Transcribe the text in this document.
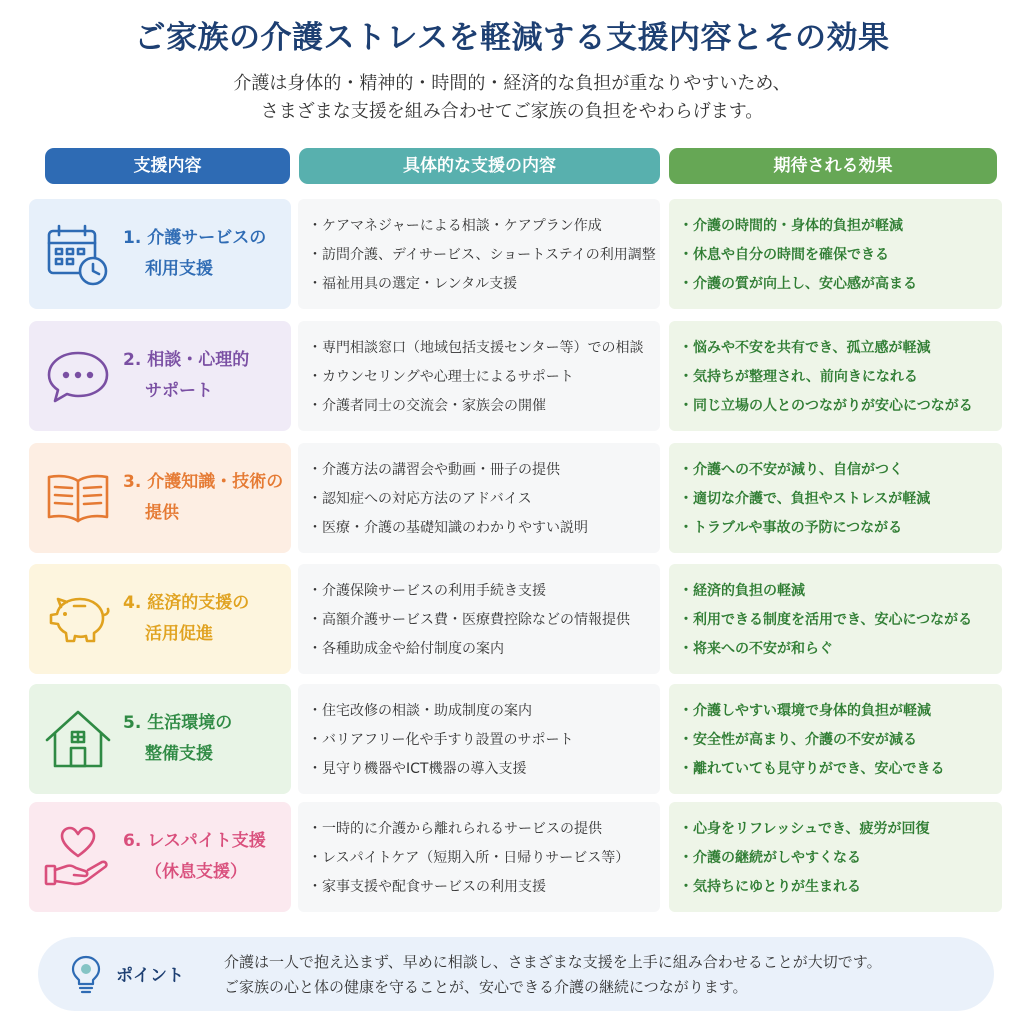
ご家族の介護ストレスを軽減する支援内容とその効果
介護は身体的・精神的・時間的・経済的な負担が重なりやすいため、
さまざまな支援を組み合わせてご家族の負担をやわらげます。
支援内容	具体的な支援の内容	期待される効果
1. 介護サービスの
利用支援
・ ケアマネジャーによる相談・ケアプラン作成
・ 訪問介護、デイサービス、ショートステイの利用調整
・ 福祉用具の選定・レンタル支援
・ 介護の時間的・身体的負担が軽減
・ 休息や自分の時間を確保できる
・ 介護の質が向上し、安心感が高まる
2. 相談・心理的
サポート
・ 専門相談窓口（地域包括支援センター等）での相談
・ カウンセリングや心理士によるサポート
・ 介護者同士の交流会・家族会の開催
・ 悩みや不安を共有でき、孤立感が軽減
・ 気持ちが整理され、前向きになれる
・ 同じ立場の人とのつながりが安心につながる
3. 介護知識・技術の
提供
・ 介護方法の講習会や動画・冊子の提供
・ 認知症への対応方法のアドバイス
・ 医療・介護の基礎知識のわかりやすい説明
・ 介護への不安が減り、自信がつく
・ 適切な介護で、負担やストレスが軽減
・ トラブルや事故の予防につながる
4. 経済的支援の
活用促進
・ 介護保険サービスの利用手続き支援
・ 高額介護サービス費・医療費控除などの情報提供
・ 各種助成金や給付制度の案内
・ 経済的負担の軽減
・ 利用できる制度を活用でき、安心につながる
・ 将来への不安が和らぐ
5. 生活環境の
整備支援
・ 住宅改修の相談・助成制度の案内
・ バリアフリー化や手すり設置のサポート
・ 見守り機器やICT機器の導入支援
・ 介護しやすい環境で身体的負担が軽減
・ 安全性が高まり、介護の不安が減る
・ 離れていても見守りができ、安心できる
6. レスパイト支援
（休息支援）
・ 一時的に介護から離れられるサービスの提供
・ レスパイトケア（短期入所・日帰りサービス等）
・ 家事支援や配食サービスの利用支援
・ 心身をリフレッシュでき、疲労が回復
・ 介護の継続がしやすくなる
・ 気持ちにゆとりが生まれる
ポイント
介護は一人で抱え込まず、早めに相談し、さまざまな支援を上手に組み合わせることが大切です。
ご家族の心と体の健康を守ることが、安心できる介護の継続につながります。
